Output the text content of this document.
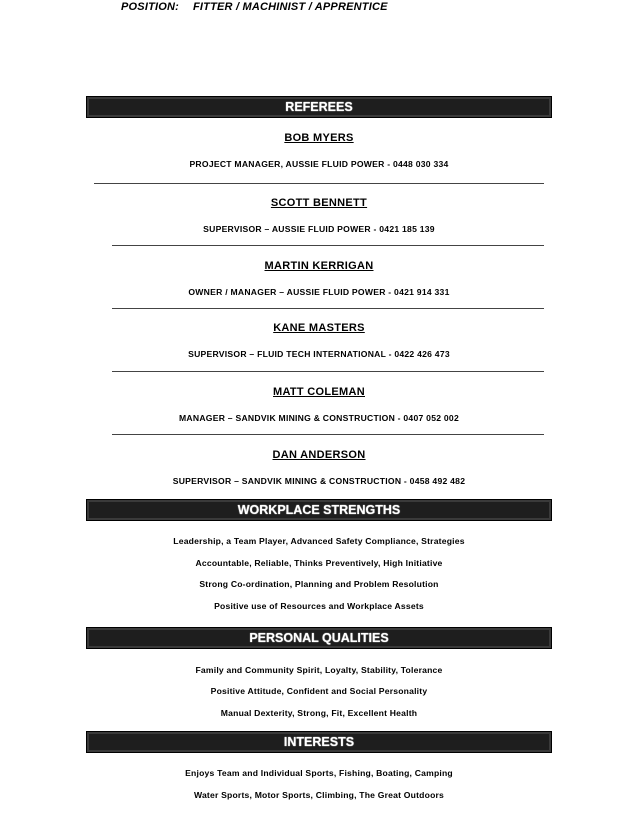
POSITION: FITTER / MACHINIST / APPRENTICE
REFEREES
BOB MYERS
PROJECT MANAGER, AUSSIE FLUID POWER - 0448 030 334
SCOTT BENNETT
SUPERVISOR – AUSSIE FLUID POWER - 0421 185 139
MARTIN KERRIGAN
OWNER / MANAGER – AUSSIE FLUID POWER - 0421 914 331
KANE MASTERS
SUPERVISOR – FLUID TECH INTERNATIONAL - 0422 426 473
MATT COLEMAN
MANAGER – SANDVIK MINING & CONSTRUCTION - 0407 052 002
DAN ANDERSON
SUPERVISOR – SANDVIK MINING & CONSTRUCTION - 0458 492 482
WORKPLACE STRENGTHS
Leadership, a Team Player, Advanced Safety Compliance, Strategies
Accountable, Reliable, Thinks Preventively, High Initiative
Strong Co-ordination, Planning and Problem Resolution
Positive use of Resources and Workplace Assets
PERSONAL QUALITIES
Family and Community Spirit, Loyalty, Stability, Tolerance
Positive Attitude, Confident and Social Personality
Manual Dexterity, Strong, Fit, Excellent Health
INTERESTS
Enjoys Team and Individual Sports, Fishing, Boating, Camping
Water Sports, Motor Sports, Climbing, The Great Outdoors
